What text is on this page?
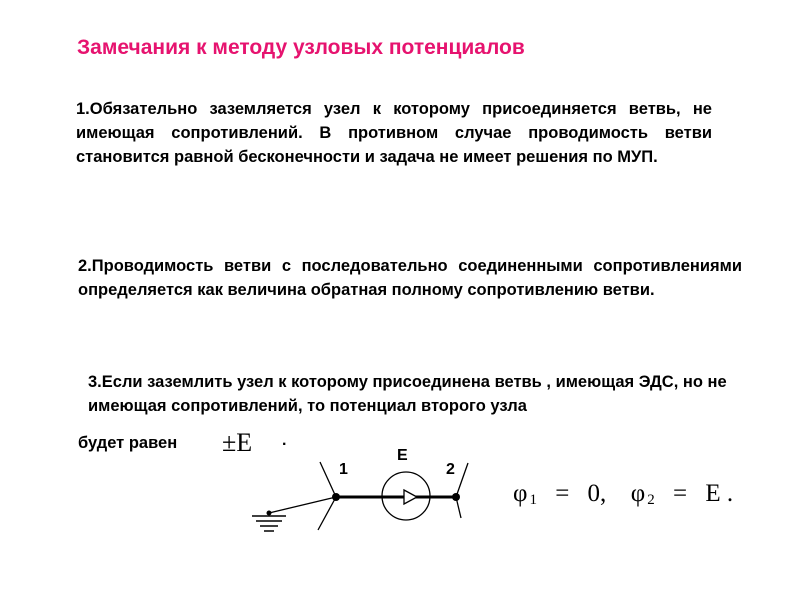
Замечания к методу узловых потенциалов
1.Обязательно заземляется узел к которому присоединяется ветвь, не имеющая сопротивлений. В противном случае проводимость ветви становится равной бесконечности и задача не имеет решения по МУП.
2.Проводимость ветви с последовательно соединенными сопротивлениями определяется как величина обратная полному сопротивлению ветви.
3.Если заземлить узел к которому присоединена ветвь , имеющая ЭДС, но не имеющая сопротивлений, то потенциал второго узла
будет равен ±E .
E
1	2
φ $_1$ = 0, φ $_2$ = E .
